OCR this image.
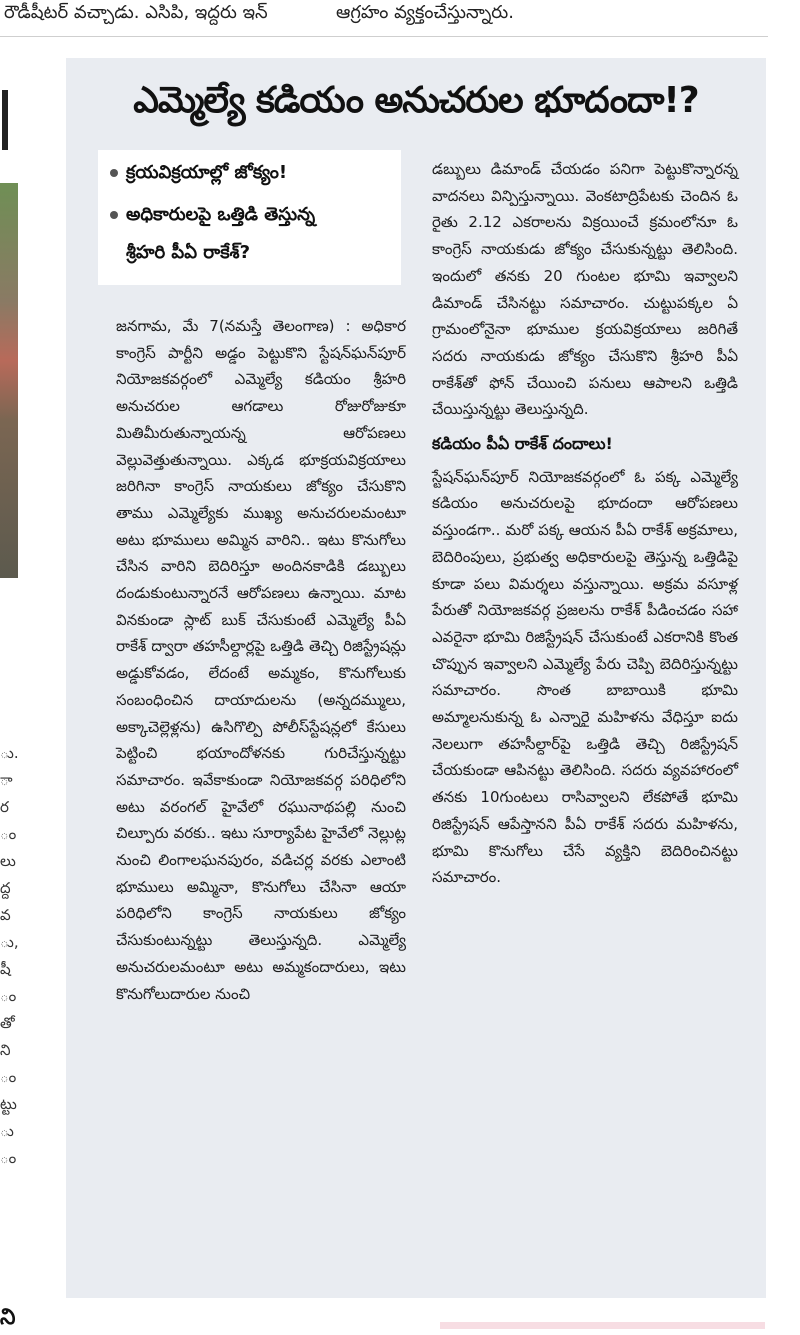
రౌడీషీటర్ వచ్చాడు. ఎసిపి, ఇద్దరు ఇన్	ఆగ్రహం వ్యక్తంచేస్తున్నారు.
ు.
ా
ర
ం
లు
ద్ద
వ
ు,
షీ
ం
తో
ని
ం
ట్టు
ు
ం
ఎమ్మెల్యే కడియం అనుచరుల భూదందా!?
క్రయవిక్రయాల్లో జోక్యం!
అధికారులపై ఒత్తిడి తెస్తున్న
శ్రీహరి పీఏ రాకేశ్?

జనగామ, మే 7(నమస్తే తెలంగాణ) : అధికార కాంగ్రెస్ పార్టీని అడ్డం పెట్టుకొని స్టేషన్‌ఘన్‌పూర్ నియోజకవర్గంలో ఎమ్మెల్యే కడియం శ్రీహరి అనుచరుల ఆగడాలు రోజురోజుకూ మితిమీరుతున్నాయన్న ఆరోపణలు వెల్లువెత్తుతున్నాయి. ఎక్కడ భూక్రయవిక్రయాలు జరిగినా కాంగ్రెస్ నాయకులు జోక్యం చేసుకొని తాము ఎమ్మెల్యేకు ముఖ్య అనుచరులమంటూ అటు భూములు అమ్మిన వారిని.. ఇటు కొనుగోలు చేసిన వారిని బెదిరిస్తూ అందినకాడికి డబ్బులు దండుకుంటున్నారనే ఆరోపణలు ఉన్నాయి. మాట వినకుండా స్లాట్ బుక్ చేసుకుంటే ఎమ్మెల్యే పీఏ రాకేశ్ ద్వారా తహసీల్దార్లపై ఒత్తిడి తెచ్చి రిజిస్ట్రేషన్లు అడ్డుకోవడం, లేదంటే అమ్మకం, కొనుగోలుకు సంబంధించిన దాయాదులను (అన్నదమ్ములు, అక్కాచెల్లెళ్లను) ఉసిగొల్పి పోలీస్‌స్టేషన్లలో కేసులు పెట్టించి భయాందోళనకు గురిచేస్తున్నట్టు సమాచారం. ఇవేకాకుండా నియోజకవర్గ పరిధిలోని అటు వరంగల్ హైవేలో రఘునాథపల్లి నుంచి చిల్పూరు వరకు.. ఇటు సూర్యాపేట హైవేలో నెల్లుట్ల నుంచి లింగాలఘనపురం, వడిచర్ల వరకు ఎలాంటి భూములు అమ్మినా, కొనుగోలు చేసినా ఆయా పరిధిలోని కాంగ్రెస్ నాయకులు జోక్యం చేసుకుంటున్నట్టు తెలుస్తున్నది. ఎమ్మెల్యే అనుచరులమంటూ అటు అమ్మకందారులు, ఇటు కొనుగోలుదారుల నుంచి

డబ్బులు డిమాండ్ చేయడం పనిగా పెట్టుకొన్నారన్న వాదనలు విన్పిస్తున్నాయి. వెంకటాద్రిపేటకు చెందిన ఓ రైతు 2.12 ఎకరాలను విక్రయించే క్రమంలోనూ ఓ కాంగ్రెస్ నాయకుడు జోక్యం చేసుకున్నట్టు తెలిసింది. ఇందులో తనకు 20 గుంటల భూమి ఇవ్వాలని డిమాండ్ చేసినట్టు సమాచారం. చుట్టుపక్కల ఏ గ్రామంలోనైనా భూముల క్రయవిక్రయాలు జరిగితే సదరు నాయకుడు జోక్యం చేసుకొని శ్రీహరి పీఏ రాకేశ్‌తో ఫోన్ చేయించి పనులు ఆపాలని ఒత్తిడి చేయిస్తున్నట్టు తెలుస్తున్నది.

కడియం పీఏ రాకేశ్ దందాలు!

స్టేషన్‌ఘన్‌పూర్ నియోజకవర్గంలో ఓ పక్క ఎమ్మెల్యే కడియం అనుచరులపై భూదందా ఆరోపణలు వస్తుండగా.. మరో పక్క ఆయన పీఏ రాకేశ్ అక్రమాలు, బెదిరింపులు, ప్రభుత్వ అధికారులపై తెస్తున్న ఒత్తిడిపై కూడా పలు విమర్శలు వస్తున్నాయి. అక్రమ వసూళ్ల పేరుతో నియోజకవర్గ ప్రజలను రాకేశ్ పీడించడం సహా ఎవరైనా భూమి రిజిస్ట్రేషన్ చేసుకుంటే ఎకరానికి కొంత చొప్పున ఇవ్వాలని ఎమ్మెల్యే పేరు చెప్పి బెదిరిస్తున్నట్టు సమాచారం. సొంత బాబాయికి భూమి అమ్మాలనుకున్న ఓ ఎన్నారై మహిళను వేధిస్తూ ఐదు నెలలుగా తహసీల్దార్‌పై ఒత్తిడి తెచ్చి రిజిస్ట్రేషన్ చేయకుండా ఆపినట్టు తెలిసింది. సదరు వ్యవహారంలో తనకు 10గుంటలు రాసివ్వాలని లేకపోతే భూమి రిజిస్ట్రేషన్ ఆపేస్తానని పీఏ రాకేశ్ సదరు మహిళను, భూమి కొనుగోలు చేసే వ్యక్తిని బెదిరించినట్టు సమాచారం.

ని
